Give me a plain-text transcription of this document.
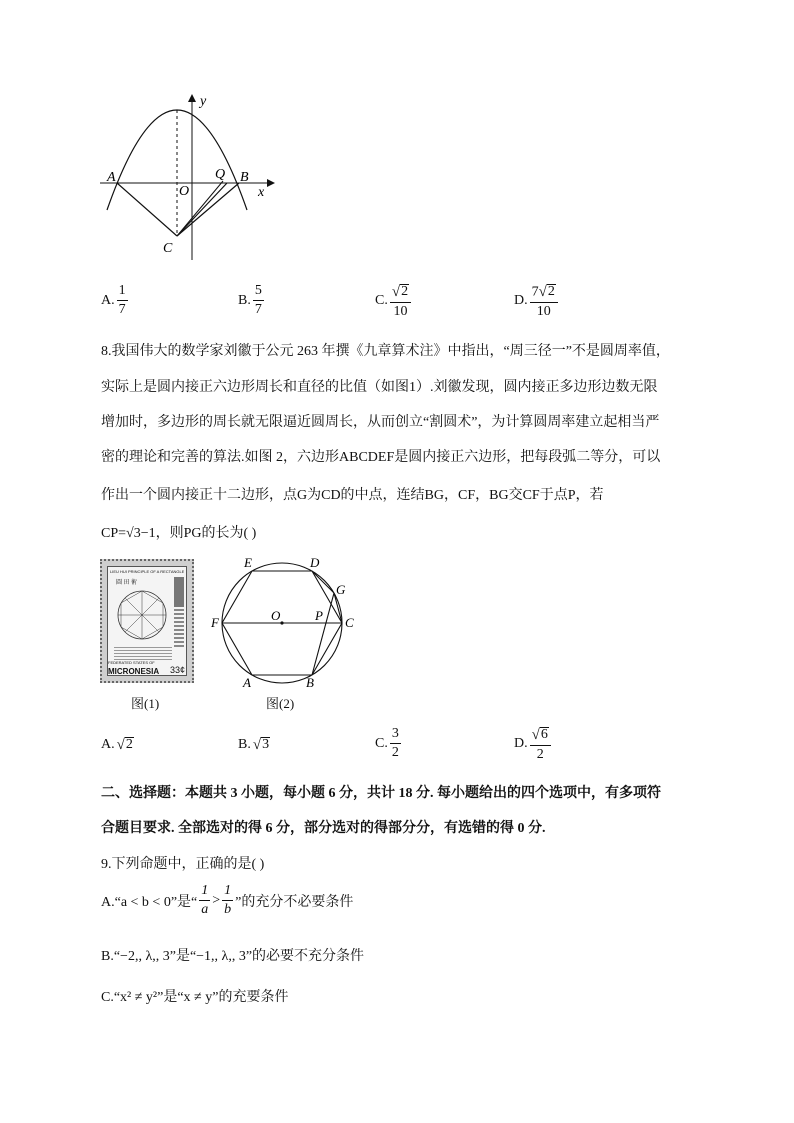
y
x
A
O
Q B
C
A. $\frac{1}{7}$	B. $\frac{5}{7}$	C. $\frac{√ 2}{10}$	D. $\frac{7 √ 2}{10}$
8.我国伟大的数学家刘徽于公元 263 年撰《九章算术注》中指出，“周三径一”不是圆周率值，
实际上是圆内接正六边形周长和直径的比值（如图1）.刘徽发现，圆内接正多边形边数无限
增加时，多边形的周长就无限逼近圆周长，从而创立“割圆术”，为计算圆周率建立起相当严
密的理论和完善的算法.如图 2，六边形ABCDEF是圆内接正六边形，把每段弧二等分，可以
作出一个圆内接正十二边形，点G为CD的中点，连结BG，CF，BG交CF于点P，若
CP=√3−1，则PG的长为( )
LIEU HUI PRINCIPLE OF A RECTANGLE
圓 田 術
FEDERATED STATES OF
MICRONESIA 33¢
图(1)
E	D
G
F	O	P C
A	B
图(2)
A. √ 2	B. √ 3	C. $\frac{3}{2}$	D. $\frac{√ 6}{2}$
二、选择题：本题共 3 小题，每小题 6 分，共计 18 分. 每小题给出的四个选项中，有多项符
合题目要求. 全部选对的得 6 分，部分选对的得部分分，有选错的得 0 分.
9.下列命题中，正确的是( )
A.“a < b < 0”是“ $\frac{1}{a} > \frac{1}{b}$ ”的充分不必要条件
B.“−2,, λ,, 3”是“−1,, λ,, 3”的必要不充分条件
C.“x² ≠ y²”是“x ≠ y”的充要条件
